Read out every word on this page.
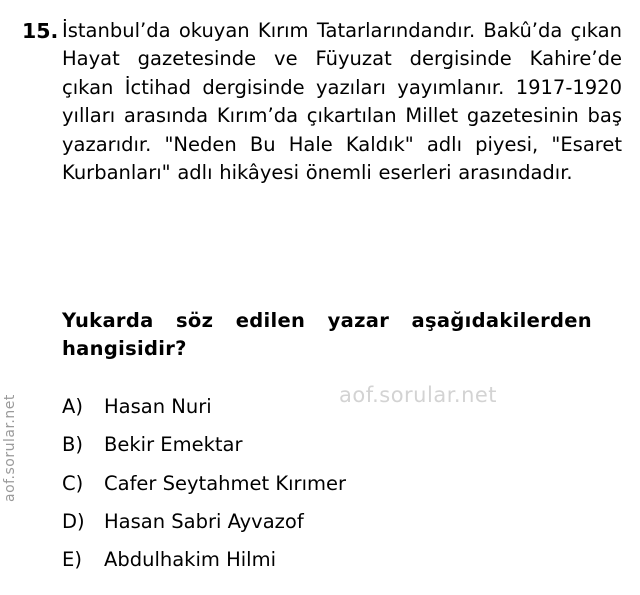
aof.sorular.net
aof.sorular.net
15. İstanbul’da okuyan Kırım Tatarlarındandır. Bakû’da çıkan Hayat gazetesinde ve Füyuzat dergisinde Kahire’de çıkan İctihad dergisinde yazıları yayımlanır. 1917-1920 yılları arasında Kırım’da çıkartılan Millet gazetesinin baş yazarıdır. "Neden Bu Hale Kaldık" adlı piyesi, "Esaret Kurbanları" adlı hikâyesi önemli eserleri arasındadır.
Yukarda söz edilen yazar aşağıdakilerden hangisidir?
A)	Hasan Nuri
B)	Bekir Emektar
C)	Cafer Seytahmet Kırımer
D) Hasan Sabri Ayvazof
E)	Abdulhakim Hilmi
